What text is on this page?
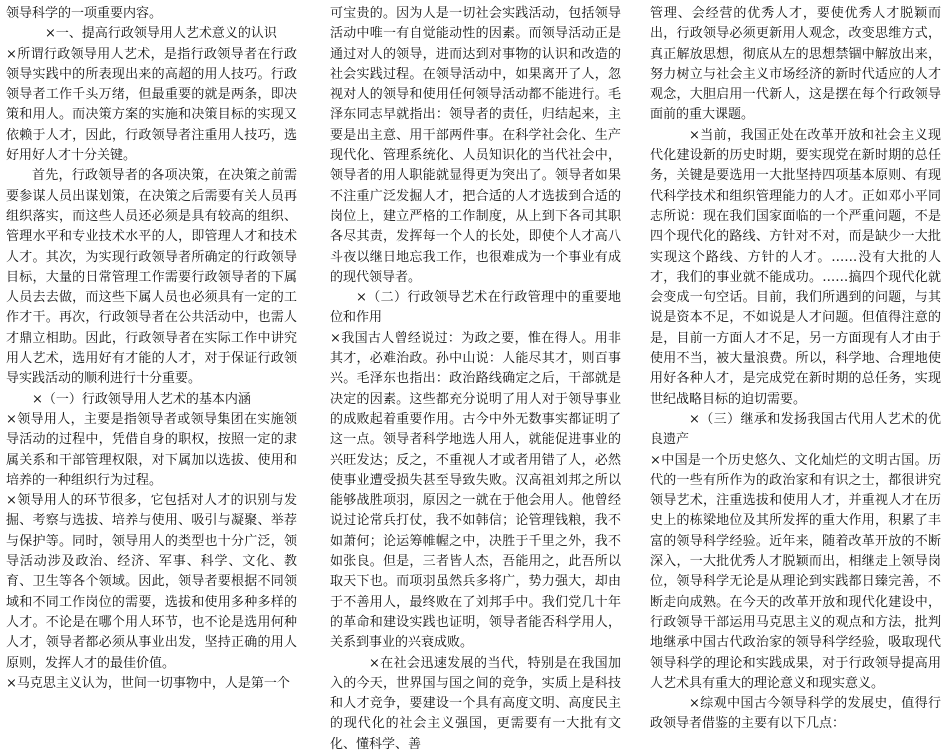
领导科学的一项重要内容。

×一、提高行政领导用人艺术意义的认识

×所谓行政领导用人艺术，是指行政领导者在行政领导实践中的所表现出来的高超的用人技巧。行政领导者工作千头万绪，但最重要的就是两条，即决策和用人。而决策方案的实施和决策目标的实现又依赖于人才，因此，行政领导者注重用人技巧，选好用好人才十分关键。

首先，行政领导者的各项决策，在决策之前需要参谋人员出谋划策，在决策之后需要有关人员再组织落实，而这些人员还必须是具有较高的组织、管理水平和专业技术水平的人，即管理人才和技术人才。其次，为实现行政领导者所确定的行政领导目标，大量的日常管理工作需要行政领导者的下属人员去去做，而这些下属人员也必须具有一定的工作才干。再次，行政领导者在公共活动中，也需人才鼎立相助。因此，行政领导者在实际工作中讲究用人艺术，选用好有才能的人才，对于保证行政领导实践活动的顺利进行十分重要。

×（一）行政领导用人艺术的基本内涵

×领导用人，主要是指领导者或领导集团在实施领导活动的过程中，凭借自身的职权，按照一定的隶属关系和干部管理权限，对下属加以选拔、使用和培养的一种组织行为过程。

×领导用人的环节很多，它包括对人才的识别与发掘、考察与选拔、培养与使用、吸引与凝聚、举荐与保护等。同时，领导用人的类型也十分广泛，领导活动涉及政治、经济、军事、科学、文化、教育、卫生等各个领域。因此，领导者要根据不同领域和不同工作岗位的需要，选拔和使用多种多样的人才。不论是在哪个用人环节，也不论是选用何种人才，领导者都必须从事业出发，坚持正确的用人原则，发挥人才的最佳价值。

×马克思主义认为，世间一切事物中，人是第一个

可宝贵的。因为人是一切社会实践活动，包括领导活动中唯一有自觉能动性的因素。而领导活动正是通过对人的领导，进而达到对事物的认识和改造的社会实践过程。在领导活动中，如果离开了人，忽视对人的领导和使用任何领导活动都不能进行。毛泽东同志早就指出：领导者的责任，归结起来，主要是出主意、用干部两件事。在科学社会化、生产现代化、管理系统化、人员知识化的当代社会中，领导者的用人职能就显得更为突出了。领导者如果不注重广泛发掘人才，把合适的人才选拔到合适的岗位上，建立严格的工作制度，从上到下各司其职各尽其责，发挥每一个人的长处，即使个人才高八斗夜以继日地忘我工作，也很难成为一个事业有成的现代领导者。

×（二）行政领导艺术在行政管理中的重要地位和作用

×我国古人曾经说过：为政之要，惟在得人。用非其才，必难治政。孙中山说：人能尽其才，则百事兴。毛泽东也指出：政治路线确定之后，干部就是决定的因素。这些都充分说明了用人对于领导事业的成败起着重要作用。古今中外无数事实都证明了这一点。领导者科学地选人用人，就能促进事业的兴旺发达；反之，不重视人才或者用错了人，必然使事业遭受损失甚至导致失败。汉高祖刘邦之所以能够战胜项羽，原因之一就在于他会用人。他曾经说过论常兵打仗，我不如韩信；论管理钱粮，我不如萧何；论运筹帷幄之中，决胜于千里之外，我不如张良。但是，三者皆人杰，吾能用之，此吾所以取天下也。而项羽虽然兵多将广，势力强大，却由于不善用人，最终败在了刘邦手中。我们党几十年的革命和建设实践也证明，领导者能否科学用人，关系到事业的兴衰成败。

×在社会迅速发展的当代，特别是在我国加入的今天，世界国与国之间的竞争，实质上是科技和人才竞争，要建设一个具有高度文明、高度民主的现代化的社会主义强国，更需要有一大批有文化、懂科学、善

管理、会经营的优秀人才，要使优秀人才脱颖而出，行政领导必须更新用人观念，改变思维方式，真正解放思想，彻底从左的思想禁锢中解放出来，努力树立与社会主义市场经济的新时代适应的人才观念，大胆启用一代新人，这是摆在每个行政领导面前的重大课题。

×当前，我国正处在改革开放和社会主义现代化建设新的历史时期，要实现党在新时期的总任务，关键是要选用一大批坚持四项基本原则、有现代科学技术和组织管理能力的人才。正如邓小平同志所说：现在我们国家面临的一个严重问题，不是四个现代化的路线、方针对不对，而是缺少一大批实现这个路线、方针的人才。……没有大批的人才，我们的事业就不能成功。……搞四个现代化就会变成一句空话。目前，我们所遇到的问题，与其说是资本不足，不如说是人才问题。但值得注意的是，目前一方面人才不足，另一方面现有人才由于使用不当，被大量浪费。所以，科学地、合理地使用好各种人才，是完成党在新时期的总任务，实现世纪战略目标的迫切需要。

×（三）继承和发扬我国古代用人艺术的优良遗产

×中国是一个历史悠久、文化灿烂的文明古国。历代的一些有所作为的政治家和有识之士，都很讲究领导艺术，注重选拔和使用人才，并重视人才在历史上的栋梁地位及其所发挥的重大作用，积累了丰富的领导科学经验。近年来，随着改革开放的不断深入，一大批优秀人才脱颖而出，相继走上领导岗位，领导科学无论是从理论到实践都日臻完善，不断走向成熟。在今天的改革开放和现代化建设中，行政领导干部运用马克思主义的观点和方法，批判地继承中国古代政治家的领导科学经验，吸取现代领导科学的理论和实践成果，对于行政领导提高用人艺术具有重大的理论意义和现实意义。

×综观中国古今领导科学的发展史，值得行政领导者借鉴的主要有以下几点：
